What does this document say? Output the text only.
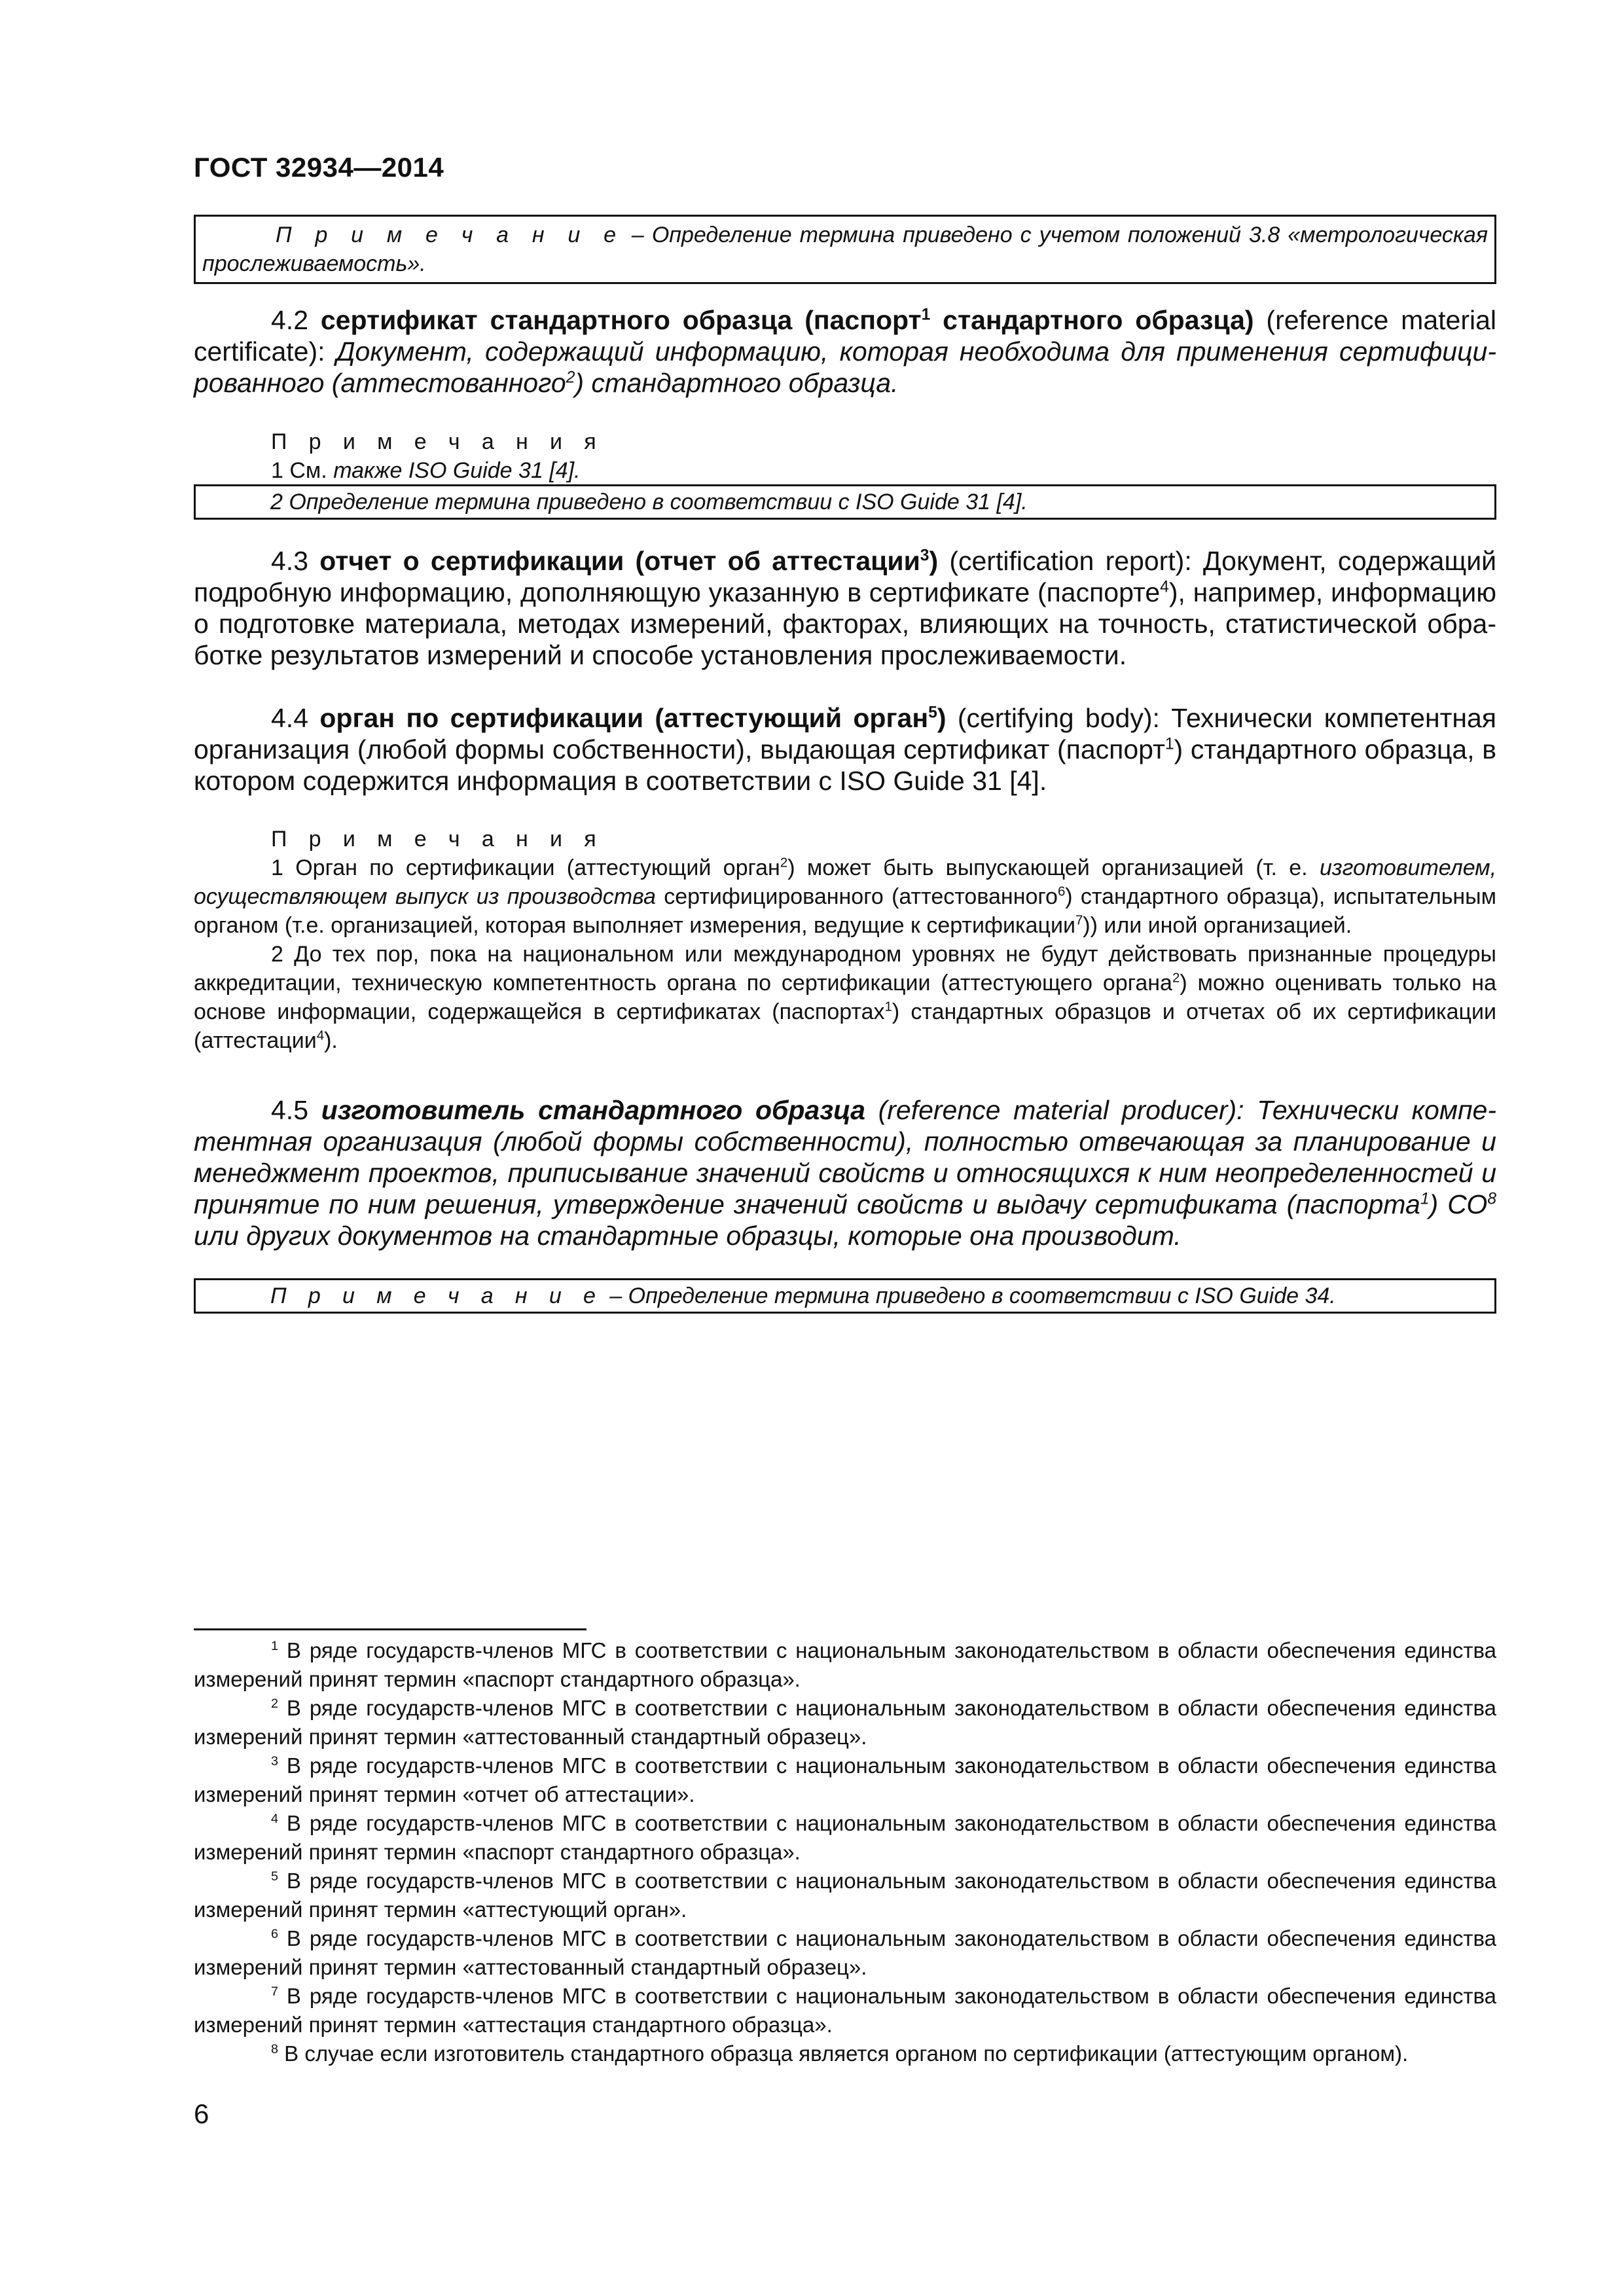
ГОСТ 32934—2014
П р и м е ч а н и е – Определение термина приведено с учетом положений 3.8 «метрологическая прослеживаемость».
4.2 сертификат стандартного образца (паспорт$^1$ стандартного образца) (reference material certificate): Документ, содержащий информацию, которая необходима для применения сертифицированного (аттестованного$^2$) стандартного образца.
П р и м е ч а н и я
1 См. также ISO Guide 31 [4].
2 Определение термина приведено в соответствии с ISO Guide 31 [4].
4.3 отчет о сертификации (отчет об аттестации$^3$) (certification report): Документ, содержащий подробную информацию, дополняющую указанную в сертификате (паспорте$^4$), например, информацию о подготовке материала, методах измерений, факторах, влияющих на точность, статистической обработке результатов измерений и способе установления прослеживаемости.
4.4 орган по сертификации (аттестующий орган$^5$) (certifying body): Технически компетентная организация (любой формы собственности), выдающая сертификат (паспорт$^1$) стандартного образца, в котором содержится информация в соответствии с ISO Guide 31 [4].
П р и м е ч а н и я
1 Орган по сертификации (аттестующий орган$^2$) может быть выпускающей организацией (т. е. изготовителем, осуществляющем выпуск из производства сертифицированного (аттестованного$^6$) стандартного образца), испытательным органом (т.е. организацией, которая выполняет измерения, ведущие к сертификации$^7$)) или иной организацией.
2 До тех пор, пока на национальном или международном уровнях не будут действовать признанные процедуры аккредитации, техническую компетентность органа по сертификации (аттестующего органа$^2$) можно оценивать только на основе информации, содержащейся в сертификатах (паспортах$^1$) стандартных образцов и отчетах об их сертификации (аттестации$^4$).
4.5 изготовитель стандартного образца (reference material producer): Технически компетентная организация (любой формы собственности), полностью отвечающая за планирование и менеджмент проектов, приписывание значений свойств и относящихся к ним неопределенностей и принятие по ним решения, утверждение значений свойств и выдачу сертификата (паспорта$^1$) $СО^8$ или других документов на стандартные образцы, которые она производит.
П р и м е ч а н и е – Определение термина приведено в соответствии с ISO Guide 34.
$^1$ В ряде государств-членов МГС в соответствии с национальным законодательством в области обеспечения единства измерений принят термин «паспорт стандартного образца».
$^2$ В ряде государств-членов МГС в соответствии с национальным законодательством в области обеспечения единства измерений принят термин «аттестованный стандартный образец».
$^3$ В ряде государств-членов МГС в соответствии с национальным законодательством в области обеспечения единства измерений принят термин «отчет об аттестации».
$^4$ В ряде государств-членов МГС в соответствии с национальным законодательством в области обеспечения единства измерений принят термин «паспорт стандартного образца».
$^5$ В ряде государств-членов МГС в соответствии с национальным законодательством в области обеспечения единства измерений принят термин «аттестующий орган».
$^6$ В ряде государств-членов МГС в соответствии с национальным законодательством в области обеспечения единства измерений принят термин «аттестованный стандартный образец».
$^7$ В ряде государств-членов МГС в соответствии с национальным законодательством в области обеспечения единства измерений принят термин «аттестация стандартного образца».
$^8$ В случае если изготовитель стандартного образца является органом по сертификации (аттестующим органом).
6
